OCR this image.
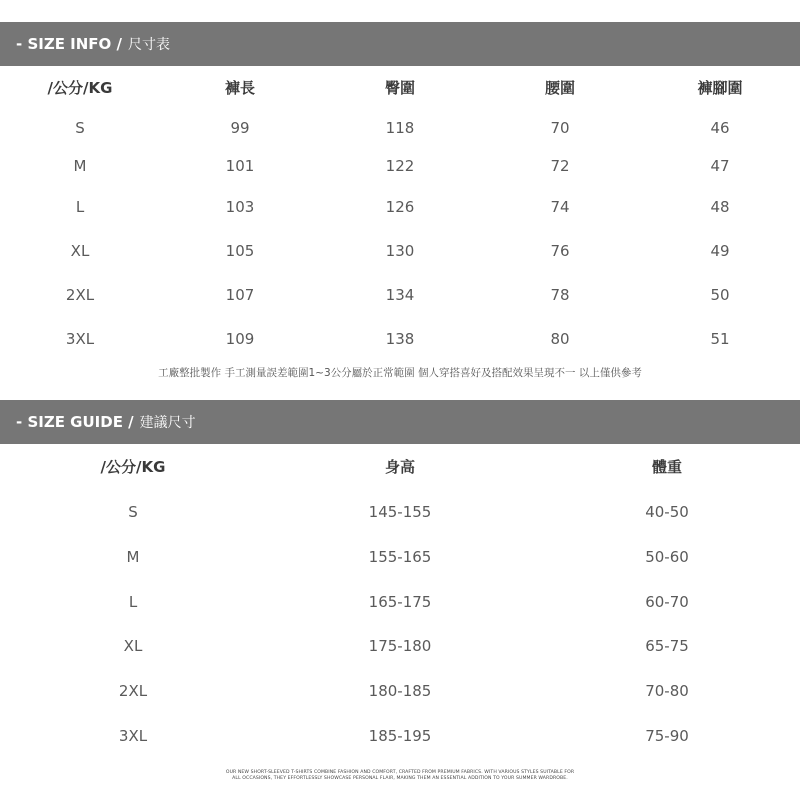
- SIZE INFO / 尺寸表
/公分/KG	褲長	臀圍	腰圍	褲腳圍
S	99	118	70	46
M	101	122	72	47
L	103	126	74	48
XL	105	130	76	49
2XL	107	134	78	50
3XL	109	138	80	51
工廠整批製作 手工測量誤差範圍1~3公分屬於正常範圍 個人穿搭喜好及搭配效果呈現不一 以上僅供參考
- SIZE GUIDE / 建議尺寸
/公分/KG	身高	體重
S	145-155	40-50
M	155-165	50-60
L	165-175	60-70
XL	175-180	65-75
2XL	180-185	70-80
3XL	185-195	75-90
OUR NEW SHORT-SLEEVED T-SHIRTS COMBINE FASHION AND COMFORT, CRAFTED FROM PREMIUM FABRICS. WITH VARIOUS STYLES SUITABLE FOR
ALL OCCASIONS, THEY EFFORTLESSLY SHOWCASE PERSONAL FLAIR, MAKING THEM AN ESSENTIAL ADDITION TO YOUR SUMMER WARDROBE.
